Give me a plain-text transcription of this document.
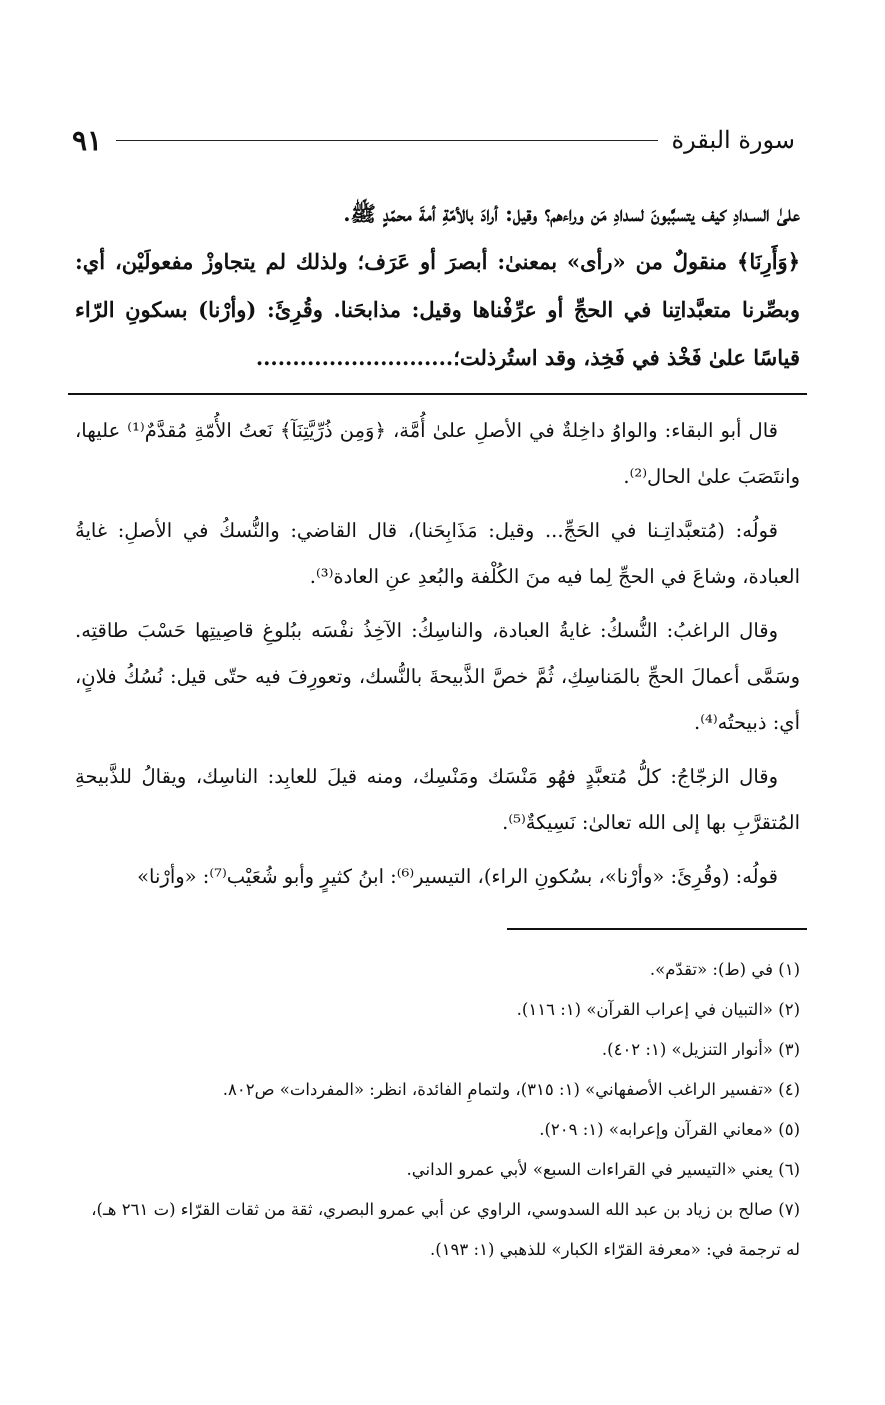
سورة البقرة
٩١

علىٰ السـدادِ كيف يتسبَّبونَ لسدادِ مَن وراءهم؟ وقيل: أرادَ بالأمّةِ أمةَ محمّدٍ ﷺ.

﴿وَأَرِنَا﴾ منقولٌ من «رأى» بمعنىٰ: أبصرَ أو عَرَف؛ ولذلك لم يتجاوزْ مفعولَيْن، أي: وبصِّرنا متعبَّداتِنا في الحجِّ أو عرِّفْناها وقيل: مذابحَنا. وقُرِئَ: (وأرْنا) بسكونِ الرّاء قياسًا علىٰ فَخْذ في فَخِذ، وقد استُرذلت؛...........................

قال أبو البقاء: والواوُ داخِلةٌ في الأصلِ علىٰ أُمَّة، ﴿وَمِن ذُرِّيَّتِنَآ﴾ نَعتُ الأُمّةِ مُقدَّمٌ⁽¹⁾ عليها، وانتَصَبَ علىٰ الحال⁽²⁾.

قولُه: (مُتعبَّداتِـنا في الحَجِّ... وقيل: مَذَابِحَنا)، قال القاضي: والنُّسكُ في الأصلِ: غايةُ العبادة، وشاعَ في الحجِّ لِما فيه منَ الكُلْفة والبُعدِ عنِ العادة⁽³⁾.

وقال الراغبُ: النُّسكُ: غايةُ العبادة، والناسِكُ: الآخِذُ نفْسَه ببُلوغِ قاصِيتِها حَسْبَ طاقتِه. وسَمَّى أعمالَ الحجِّ بالمَناسِكِ، ثُمَّ خصَّ الذَّبيحةَ بالنُّسك، وتعورِفَ فيه حتّى قيل: نُسُكُ فلانٍ، أي: ذبيحتُه⁽⁴⁾.

وقال الزجّاجُ: كلُّ مُتعبَّدٍ فهُو مَنْسَك ومَنْسِك، ومنه قيلَ للعابِد: الناسِك، ويقالُ للذَّبيحةِ المُتقرَّبِ بها إلى الله تعالىٰ: نَسِيكةٌ⁽⁵⁾.

قولُه: (وقُرِئَ: «وأرْنا»، بسُكونِ الراء)، التيسير⁽⁶⁾: ابنُ كثيرٍ وأبو شُعَيْب⁽⁷⁾: «وأرْنا»

(١) في (ط): «تقدّم».
(٢) «التبيان في إعراب القرآن» (١: ١١٦).
(٣) «أنوار التنزيل» (١: ٤٠٢).
(٤) «تفسير الراغب الأصفهاني» (١: ٣١٥)، ولتمامِ الفائدة، انظر: «المفردات» ص٨٠٢.
(٥) «معاني القرآن وإعرابه» (١: ٢٠٩).
(٦) يعني «التيسير في القراءات السبع» لأبي عمرو الداني.
(٧) صالح بن زياد بن عبد الله السدوسي، الراوي عن أبي عمرو البصري، ثقة من ثقات القرّاء (ت ٢٦١ هـ)، له ترجمة في: «معرفة القرّاء الكبار» للذهبي (١: ١٩٣).
